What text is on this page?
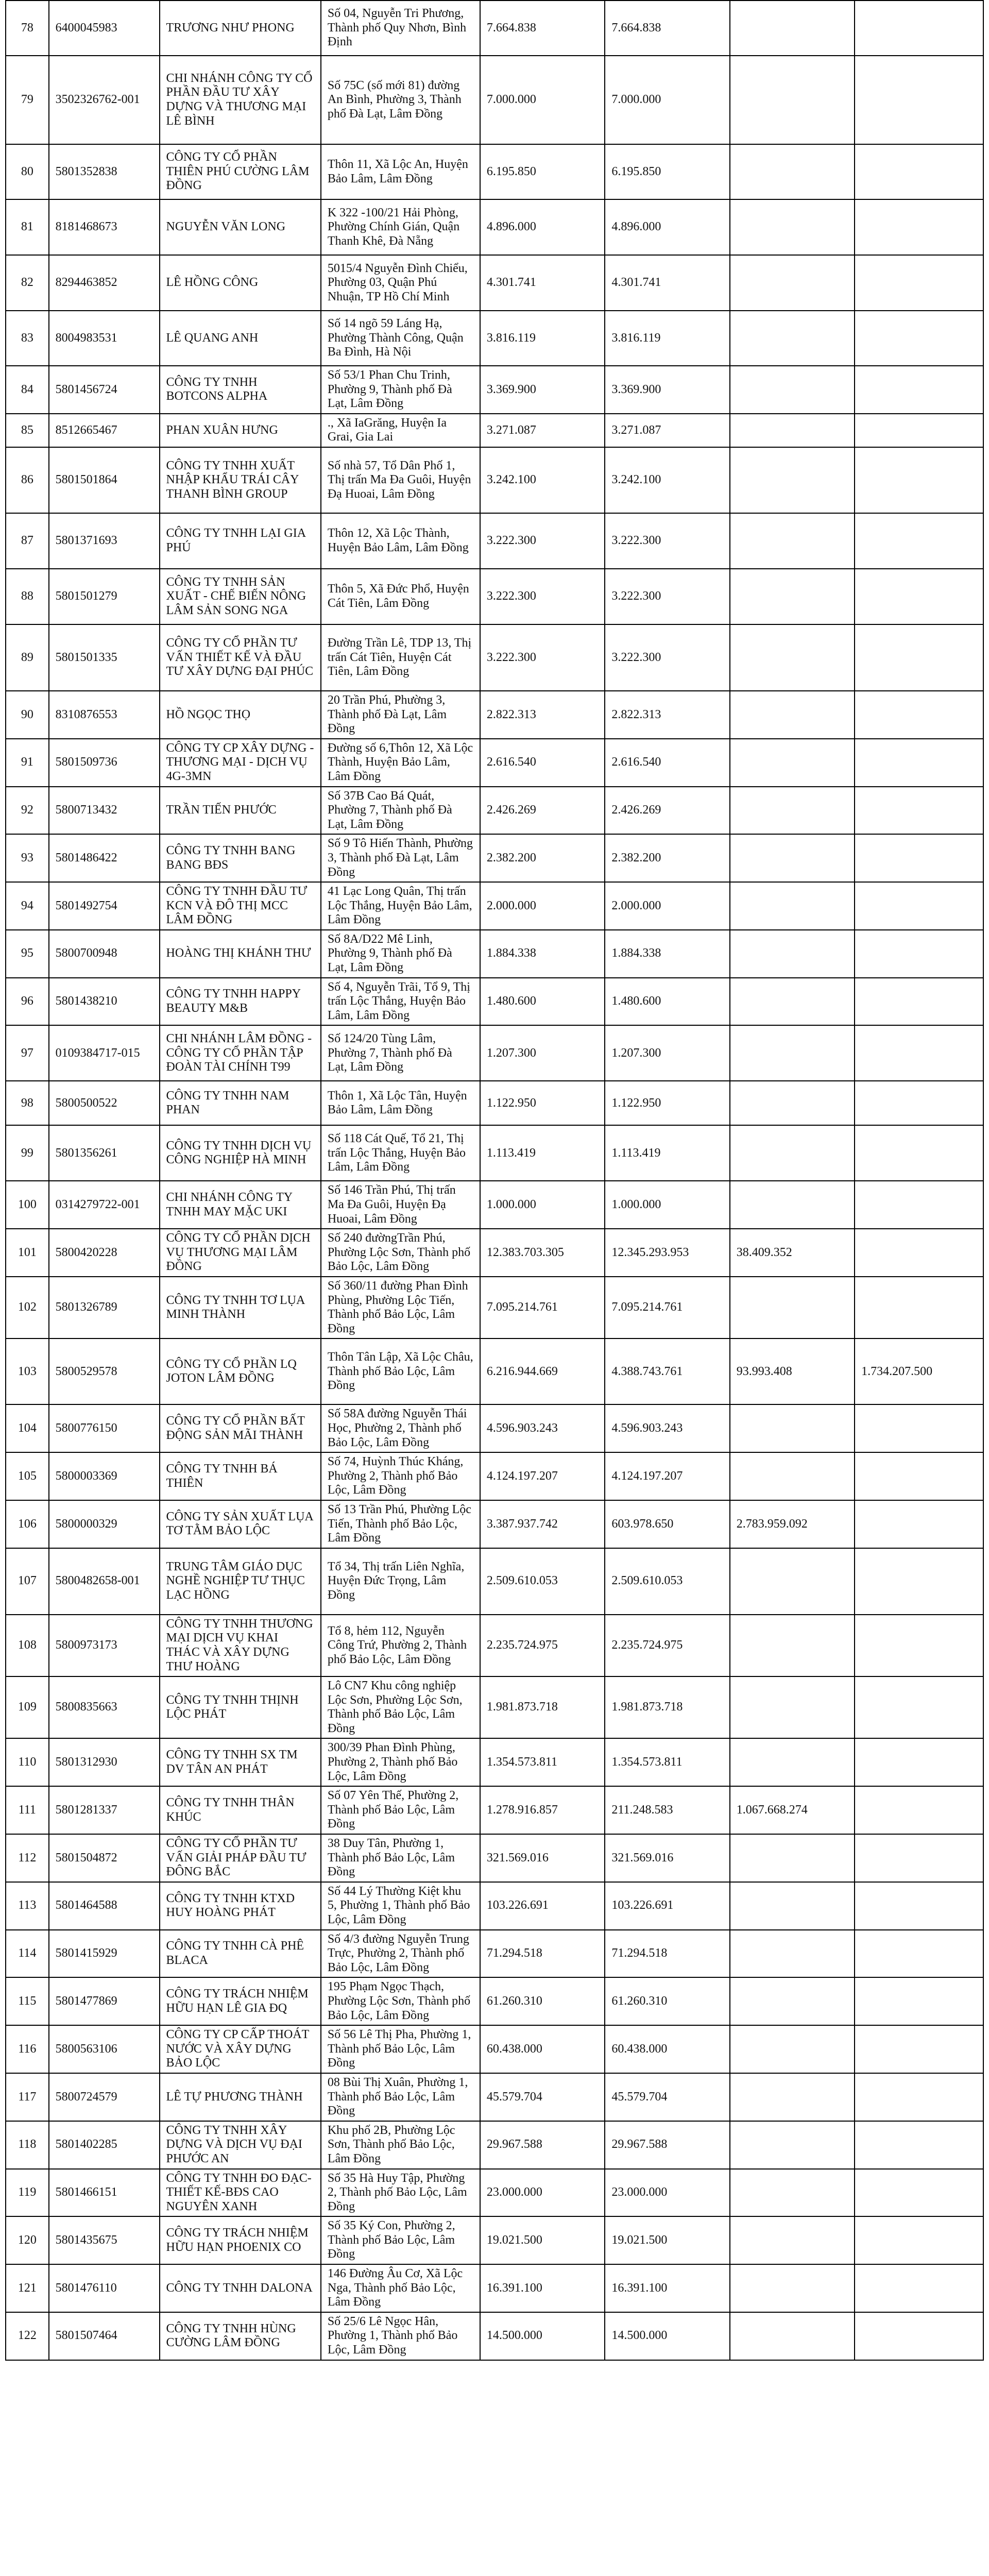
78	6400045983	TRƯƠNG NHƯ PHONG	Số 04, Nguyễn Tri Phương, Thành phố Quy Nhơn, Bình Định	7.664.838	7.664.838		
79	3502326762-001	CHI NHÁNH CÔNG TY CỔ PHẦN ĐẦU TƯ XÂY DỰNG VÀ THƯƠNG MẠI LÊ BÌNH	Số 75C (số mới 81) đường An Bình, Phường 3, Thành phố Đà Lạt, Lâm Đồng	7.000.000	7.000.000		
80	5801352838	CÔNG TY CỔ PHẦN THIÊN PHÚ CƯỜNG LÂM ĐỒNG	Thôn 11, Xã Lộc An, Huyện Bảo Lâm, Lâm Đồng	6.195.850	6.195.850		
81	8181468673	NGUYỄN VĂN LONG	K 322 -100/21 Hải Phòng, Phường Chính Gián, Quận Thanh Khê, Đà Nẵng	4.896.000	4.896.000		
82	8294463852	LÊ HỒNG CÔNG	5015/4 Nguyễn Đình Chiểu, Phường 03, Quận Phú Nhuận, TP Hồ Chí Minh	4.301.741	4.301.741		
83	8004983531	LÊ QUANG ANH	Số 14 ngõ 59 Láng Hạ, Phường Thành Công, Quận Ba Đình, Hà Nội	3.816.119	3.816.119		
84	5801456724	CÔNG TY TNHH BOTCONS ALPHA	Số 53/1 Phan Chu Trinh, Phường 9, Thành phố Đà Lạt, Lâm Đồng	3.369.900	3.369.900		
85	8512665467	PHAN XUÂN HƯNG	., Xã IaGrăng, Huyện Ia Grai, Gia Lai	3.271.087	3.271.087		
86	5801501864	CÔNG TY TNHH XUẤT NHẬP KHẨU TRÁI CÂY THANH BÌNH GROUP	Số nhà 57, Tổ Dân Phố 1, Thị trấn Ma Đa Guôi, Huyện Đạ Huoai, Lâm Đồng	3.242.100	3.242.100		
87	5801371693	CÔNG TY TNHH LẠI GIA PHÚ	Thôn 12, Xã Lộc Thành, Huyện Bảo Lâm, Lâm Đồng	3.222.300	3.222.300		
88	5801501279	CÔNG TY TNHH SẢN XUẤT - CHẾ BIẾN NÔNG LÂM SẢN SONG NGA	Thôn 5, Xã Đức Phổ, Huyện Cát Tiên, Lâm Đồng	3.222.300	3.222.300		
89	5801501335	CÔNG TY CỔ PHẦN TƯ VẤN THIẾT KẾ VÀ ĐẦU TƯ XÂY DỰNG ĐẠI PHÚC	Đường Trần Lê, TDP 13, Thị trấn Cát Tiên, Huyện Cát Tiên, Lâm Đồng	3.222.300	3.222.300		
90	8310876553	HỒ NGỌC THỌ	20 Trần Phú, Phường 3, Thành phố Đà Lạt, Lâm Đồng	2.822.313	2.822.313		
91	5801509736	CÔNG TY CP XÂY DỰNG - THƯƠNG MẠI - DỊCH VỤ 4G-3MN	Đường số 6,Thôn 12, Xã Lộc Thành, Huyện Bảo Lâm, Lâm Đồng	2.616.540	2.616.540		
92	5800713432	TRẦN TIẾN PHƯỚC	Số 37B Cao Bá Quát, Phường 7, Thành phố Đà Lạt, Lâm Đồng	2.426.269	2.426.269		
93	5801486422	CÔNG TY TNHH BANG BANG BĐS	Số 9 Tô Hiến Thành, Phường 3, Thành phố Đà Lạt, Lâm Đồng	2.382.200	2.382.200		
94	5801492754	CÔNG TY TNHH ĐẦU TƯ KCN VÀ ĐÔ THỊ MCC LÂM ĐỒNG	41 Lạc Long Quân, Thị trấn Lộc Thắng, Huyện Bảo Lâm, Lâm Đồng	2.000.000	2.000.000		
95	5800700948	HOÀNG THỊ KHÁNH THƯ	Số 8A/D22 Mê Linh, Phường 9, Thành phố Đà Lạt, Lâm Đồng	1.884.338	1.884.338		
96	5801438210	CÔNG TY TNHH HAPPY BEAUTY M&B	Số 4, Nguyễn Trãi, Tổ 9, Thị trấn Lộc Thắng, Huyện Bảo Lâm, Lâm Đồng	1.480.600	1.480.600		
97	0109384717-015	CHI NHÁNH LÂM ĐỒNG - CÔNG TY CỔ PHẦN TẬP ĐOÀN TÀI CHÍNH T99	Số 124/20 Tùng Lâm, Phường 7, Thành phố Đà Lạt, Lâm Đồng	1.207.300	1.207.300		
98	5800500522	CÔNG TY TNHH NAM PHAN	Thôn 1, Xã Lộc Tân, Huyện Bảo Lâm, Lâm Đồng	1.122.950	1.122.950		
99	5801356261	CÔNG TY TNHH DỊCH VỤ CÔNG NGHIỆP HÀ MINH	Số 118 Cát Quế, Tổ 21, Thị trấn Lộc Thắng, Huyện Bảo Lâm, Lâm Đồng	1.113.419	1.113.419		
100	0314279722-001	CHI NHÁNH CÔNG TY TNHH MAY MẶC UKI	Số 146 Trần Phú, Thị trấn Ma Đa Guôi, Huyện Đạ Huoai, Lâm Đồng	1.000.000	1.000.000		
101	5800420228	CÔNG TY CỔ PHẦN DỊCH VỤ THƯƠNG MẠI LÂM ĐỒNG	Số 240 đườngTrần Phú, Phường Lộc Sơn, Thành phố Bảo Lộc, Lâm Đồng	12.383.703.305	12.345.293.953	38.409.352	
102	5801326789	CÔNG TY TNHH TƠ LỤA MINH THÀNH	Số 360/11 đường Phan Đình Phùng, Phường Lộc Tiến, Thành phố Bảo Lộc, Lâm Đồng	7.095.214.761	7.095.214.761		
103	5800529578	CÔNG TY CỔ PHẦN LQ JOTON LÂM ĐỒNG	Thôn Tân Lập, Xã Lộc Châu, Thành phố Bảo Lộc, Lâm Đồng	6.216.944.669	4.388.743.761	93.993.408	1.734.207.500
104	5800776150	CÔNG TY CỔ PHẦN BẤT ĐỘNG SẢN MÃI THÀNH	Số 58A đường Nguyễn Thái Học, Phường 2, Thành phố Bảo Lộc, Lâm Đồng	4.596.903.243	4.596.903.243		
105	5800003369	CÔNG TY TNHH BÁ THIÊN	Số 74, Huỳnh Thúc Kháng, Phường 2, Thành phố Bảo Lộc, Lâm Đồng	4.124.197.207	4.124.197.207		
106	5800000329	CÔNG TY SẢN XUẤT LỤA TƠ TẰM BẢO LỘC	Số 13 Trần Phú, Phường Lộc Tiến, Thành phố Bảo Lộc, Lâm Đồng	3.387.937.742	603.978.650	2.783.959.092	
107	5800482658-001	TRUNG TÂM GIÁO DỤC NGHỀ NGHIỆP TƯ THỤC LẠC HỒNG	Tổ 34, Thị trấn Liên Nghĩa, Huyện Đức Trọng, Lâm Đồng	2.509.610.053	2.509.610.053		
108	5800973173	CÔNG TY TNHH THƯƠNG MẠI DỊCH VỤ KHAI THÁC VÀ XÂY DỰNG THƯ HOÀNG	Tổ 8, hẻm 112, Nguyễn Công Trứ, Phường 2, Thành phố Bảo Lộc, Lâm Đồng	2.235.724.975	2.235.724.975		
109	5800835663	CÔNG TY TNHH THỊNH LỘC PHÁT	Lô CN7 Khu công nghiệp Lộc Sơn, Phường Lộc Sơn, Thành phố Bảo Lộc, Lâm Đồng	1.981.873.718	1.981.873.718		
110	5801312930	CÔNG TY TNHH SX TM DV TÂN AN PHÁT	300/39 Phan Đình Phùng, Phường 2, Thành phố Bảo Lộc, Lâm Đồng	1.354.573.811	1.354.573.811		
111	5801281337	CÔNG TY TNHH THÂN KHÚC	Số 07 Yên Thế, Phường 2, Thành phố Bảo Lộc, Lâm Đồng	1.278.916.857	211.248.583	1.067.668.274	
112	5801504872	CÔNG TY CỔ PHẦN TƯ VẤN GIẢI PHÁP ĐẦU TƯ ĐÔNG BẮC	38 Duy Tân, Phường 1, Thành phố Bảo Lộc, Lâm Đồng	321.569.016	321.569.016		
113	5801464588	CÔNG TY TNHH KTXD HUY HOÀNG PHÁT	Số 44 Lý Thường Kiệt khu 5, Phường 1, Thành phố Bảo Lộc, Lâm Đồng	103.226.691	103.226.691		
114	5801415929	CÔNG TY TNHH CÀ PHÊ BLACA	Số 4/3 đường Nguyễn Trung Trực, Phường 2, Thành phố Bảo Lộc, Lâm Đồng	71.294.518	71.294.518		
115	5801477869	CÔNG TY TRÁCH NHIỆM HỮU HẠN LÊ GIA ĐQ	195 Phạm Ngọc Thạch, Phường Lộc Sơn, Thành phố Bảo Lộc, Lâm Đồng	61.260.310	61.260.310		
116	5800563106	CÔNG TY CP CẤP THOÁT NƯỚC VÀ XÂY DỰNG BẢO LỘC	Số 56 Lê Thị Pha, Phường 1, Thành phố Bảo Lộc, Lâm Đồng	60.438.000	60.438.000		
117	5800724579	LÊ TỰ PHƯƠNG THÀNH	08 Bùi Thị Xuân, Phường 1, Thành phố Bảo Lộc, Lâm Đồng	45.579.704	45.579.704		
118	5801402285	CÔNG TY TNHH XÂY DỰNG VÀ DỊCH VỤ ĐẠI PHƯỚC AN	Khu phố 2B, Phường Lộc Sơn, Thành phố Bảo Lộc, Lâm Đồng	29.967.588	29.967.588		
119	5801466151	CÔNG TY TNHH ĐO ĐẠC-THIẾT KẾ-BĐS CAO NGUYÊN XANH	Số 35 Hà Huy Tập, Phường 2, Thành phố Bảo Lộc, Lâm Đồng	23.000.000	23.000.000		
120	5801435675	CÔNG TY TRÁCH NHIỆM HỮU HẠN PHOENIX CO	Số 35 Ký Con, Phường 2, Thành phố Bảo Lộc, Lâm Đồng	19.021.500	19.021.500		
121	5801476110	CÔNG TY TNHH DALONA	146 Đường Âu Cơ, Xã Lộc Nga, Thành phố Bảo Lộc, Lâm Đồng	16.391.100	16.391.100		
122	5801507464	CÔNG TY TNHH HÙNG CƯỜNG LÂM ĐỒNG	Số 25/6 Lê Ngọc Hân, Phường 1, Thành phố Bảo Lộc, Lâm Đồng	14.500.000	14.500.000		
